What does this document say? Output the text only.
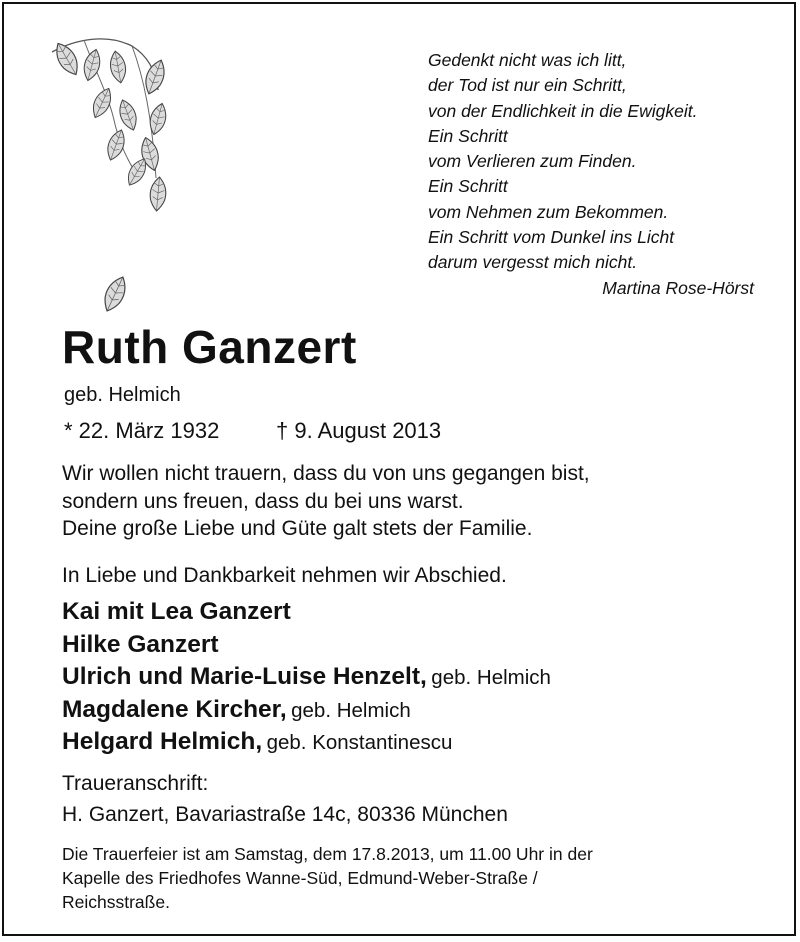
Gedenkt nicht was ich litt,
der Tod ist nur ein Schritt,
von der Endlichkeit in die Ewigkeit.
Ein Schritt
vom Verlieren zum Finden.
Ein Schritt
vom Nehmen zum Bekommen.
Ein Schritt vom Dunkel ins Licht
darum vergesst mich nicht.
Martina Rose-Hörst
Ruth Ganzert
geb. Helmich
* 22. März 1932	† 9. August 2013
Wir wollen nicht trauern, dass du von uns gegangen bist,
sondern uns freuen, dass du bei uns warst.
Deine große Liebe und Güte galt stets der Familie.
In Liebe und Dankbarkeit nehmen wir Abschied.
Kai mit Lea Ganzert
Hilke Ganzert
Ulrich und Marie-Luise Henzelt, geb. Helmich
Magdalene Kircher, geb. Helmich
Helgard Helmich, geb. Konstantinescu
Traueranschrift:
H. Ganzert, Bavariastraße 14c, 80336 München
Die Trauerfeier ist am Samstag, dem 17.8.2013, um 11.00 Uhr in der
Kapelle des Friedhofes Wanne-Süd, Edmund-Weber-Straße /
Reichsstraße.
